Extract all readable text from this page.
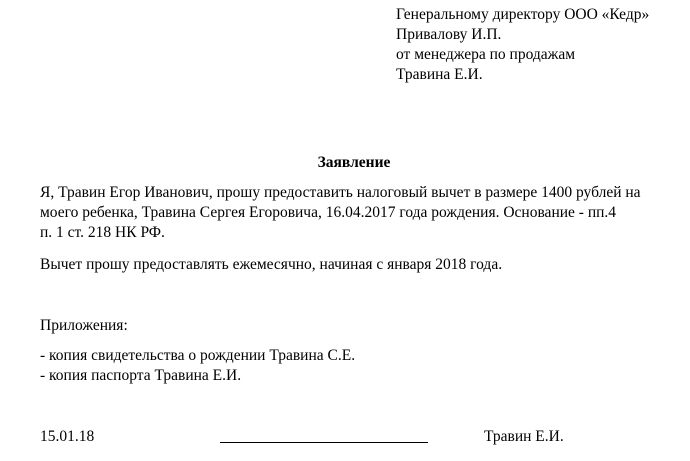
Генеральному директору ООО «Кедр»
Привалову И.П.
от менеджера по продажам
Травина Е.И.
Заявление
Я, Травин Егор Иванович, прошу предоставить налоговый вычет в размере 1400 рублей на
моего ребенка, Травина Сергея Егоровича, 16.04.2017 года рождения. Основание - пп.4
п. 1 ст. 218 НК РФ.
Вычет прошу предоставлять ежемесячно, начиная с января 2018 года.
Приложения:
- копия свидетельства о рождении Травина С.Е.
- копия паспорта Травина Е.И.
15.01.18	Травин Е.И.
